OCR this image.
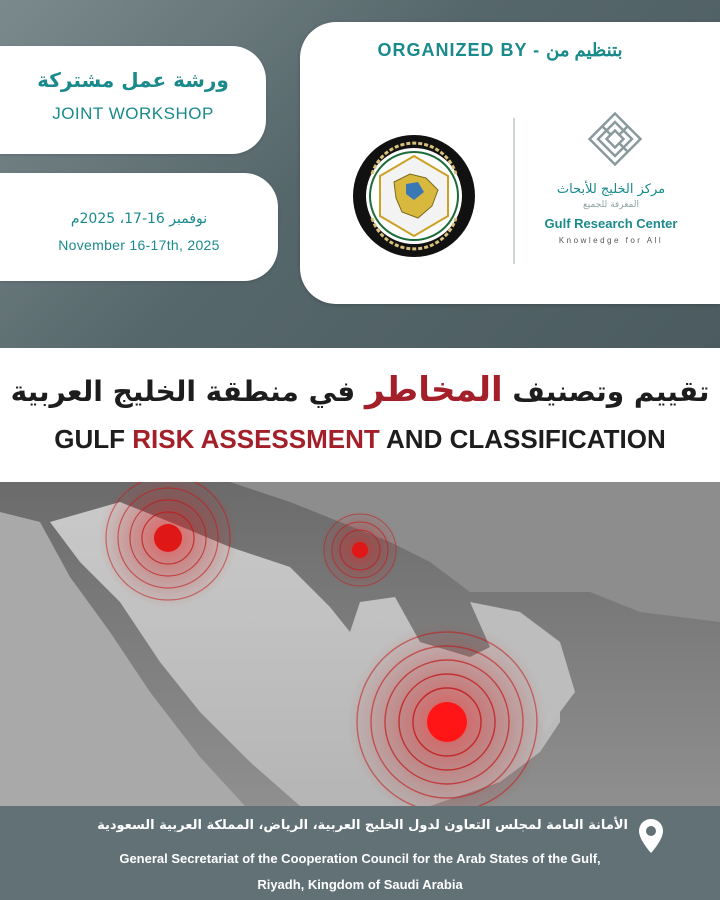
ورشة عمل مشتركة
JOINT WORKSHOP
نوفمبر 16-17، 2025م
November 16-17th, 2025
ORGANIZED BY - بتنظيم من
مركز الخليج للأبحاث
المعرفة للجميع
Gulf Research Center
Knowledge for All
تقييم وتصنيف المخاطر في منطقة الخليج العربية
GULF RISK ASSESSMENT AND CLASSIFICATION
الأمانة العامة لمجلس التعاون لدول الخليج العربية، الرياض، المملكة العربية السعودية
General Secretariat of the Cooperation Council for the Arab States of the Gulf,
Riyadh, Kingdom of Saudi Arabia
